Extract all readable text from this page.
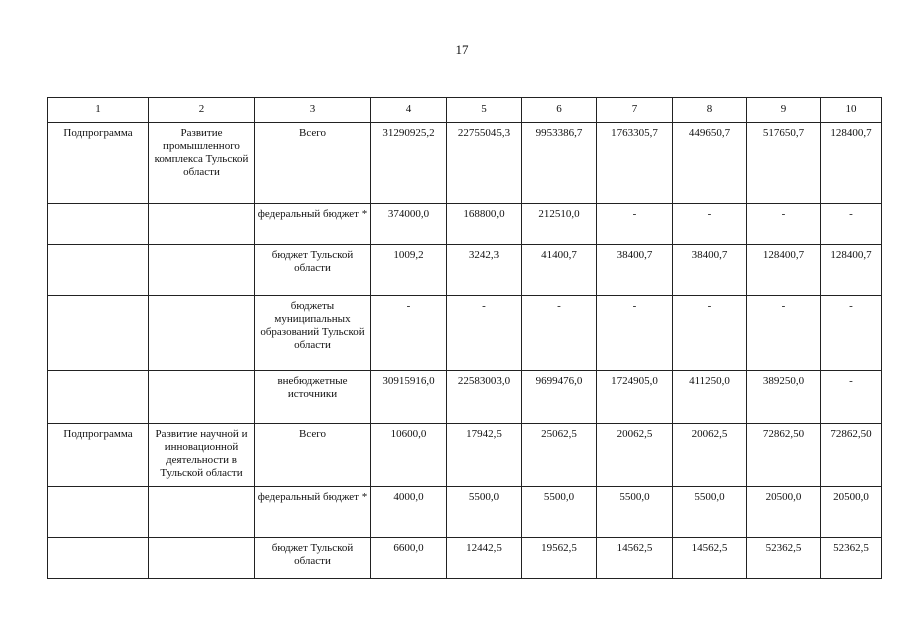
17
1	2	3	4	5	6	7	8	9	10
Подпрограмма	Развитие промышленного комплекса Тульской области	Всего	31290925,2	22755045,3	9953386,7	1763305,7	449650,7	517650,7	128400,7
		федеральный бюджет *	374000,0	168800,0	212510,0	-	-	-	-
		бюджет Тульской области	1009,2	3242,3	41400,7	38400,7	38400,7	128400,7	128400,7
		бюджеты муниципальных образований Тульской области	-	-	-	-	-	-	-
		внебюджетные источники	30915916,0	22583003,0	9699476,0	1724905,0	411250,0	389250,0	-
Подпрограмма	Развитие научной и инновационной деятельности в Тульской области	Всего	10600,0	17942,5	25062,5	20062,5	20062,5	72862,50	72862,50
		федеральный бюджет *	4000,0	5500,0	5500,0	5500,0	5500,0	20500,0	20500,0
		бюджет Тульской области	6600,0	12442,5	19562,5	14562,5	14562,5	52362,5	52362,5
